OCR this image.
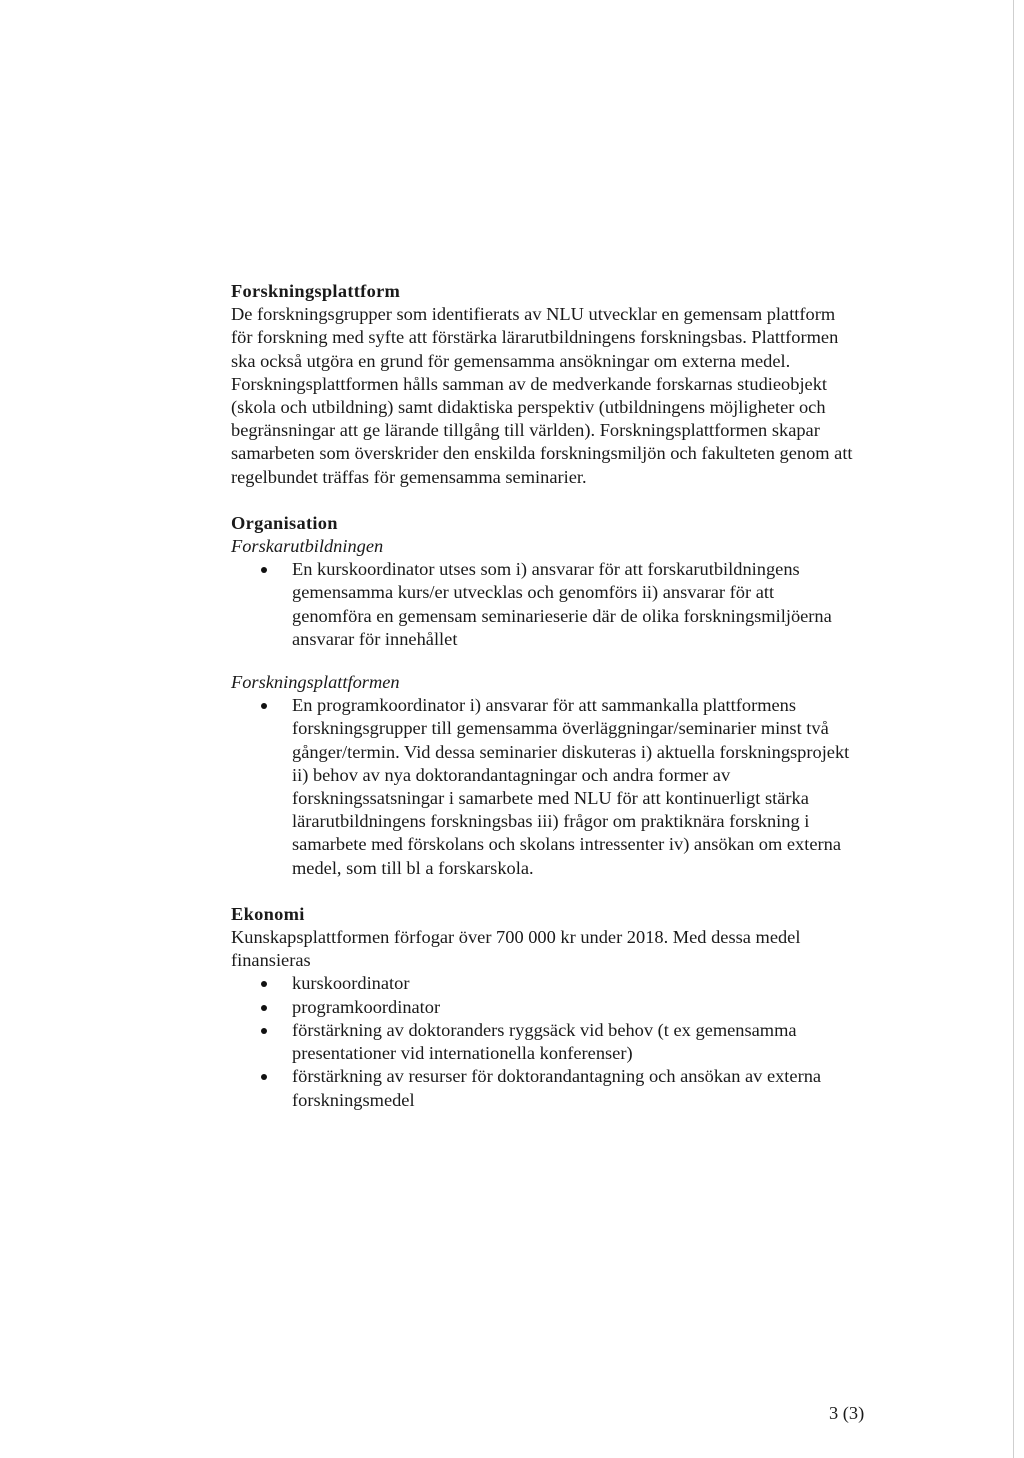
Forskningsplattform
De forskningsgrupper som identifierats av NLU utvecklar en gemensam plattform
för forskning med syfte att förstärka lärarutbildningens forskningsbas. Plattformen
ska också utgöra en grund för gemensamma ansökningar om externa medel.
Forskningsplattformen hålls samman av de medverkande forskarnas studieobjekt
(skola och utbildning) samt didaktiska perspektiv (utbildningens möjligheter och
begränsningar att ge lärande tillgång till världen). Forskningsplattformen skapar
samarbeten som överskrider den enskilda forskningsmiljön och fakulteten genom att
regelbundet träffas för gemensamma seminarier.
Organisation
Forskarutbildningen
En kurskoordinator utses som i) ansvarar för att forskarutbildningens
gemensamma kurs/er utvecklas och genomförs ii) ansvarar för att
genomföra en gemensam seminarieserie där de olika forskningsmiljöerna
ansvarar för innehållet
Forskningsplattformen
En programkoordinator i) ansvarar för att sammankalla plattformens
forskningsgrupper till gemensamma överläggningar/seminarier minst två
gånger/termin. Vid dessa seminarier diskuteras i) aktuella forskningsprojekt
ii) behov av nya doktorandantagningar och andra former av
forskningssatsningar i samarbete med NLU för att kontinuerligt stärka
lärarutbildningens forskningsbas iii) frågor om praktiknära forskning i
samarbete med förskolans och skolans intressenter iv) ansökan om externa
medel, som till bl a forskarskola.
Ekonomi
Kunskapsplattformen förfogar över 700 000 kr under 2018. Med dessa medel
finansieras
kurskoordinator
programkoordinator
förstärkning av doktoranders ryggsäck vid behov (t ex gemensamma
presentationer vid internationella konferenser)
förstärkning av resurser för doktorandantagning och ansökan av externa
forskningsmedel
3 (3)
